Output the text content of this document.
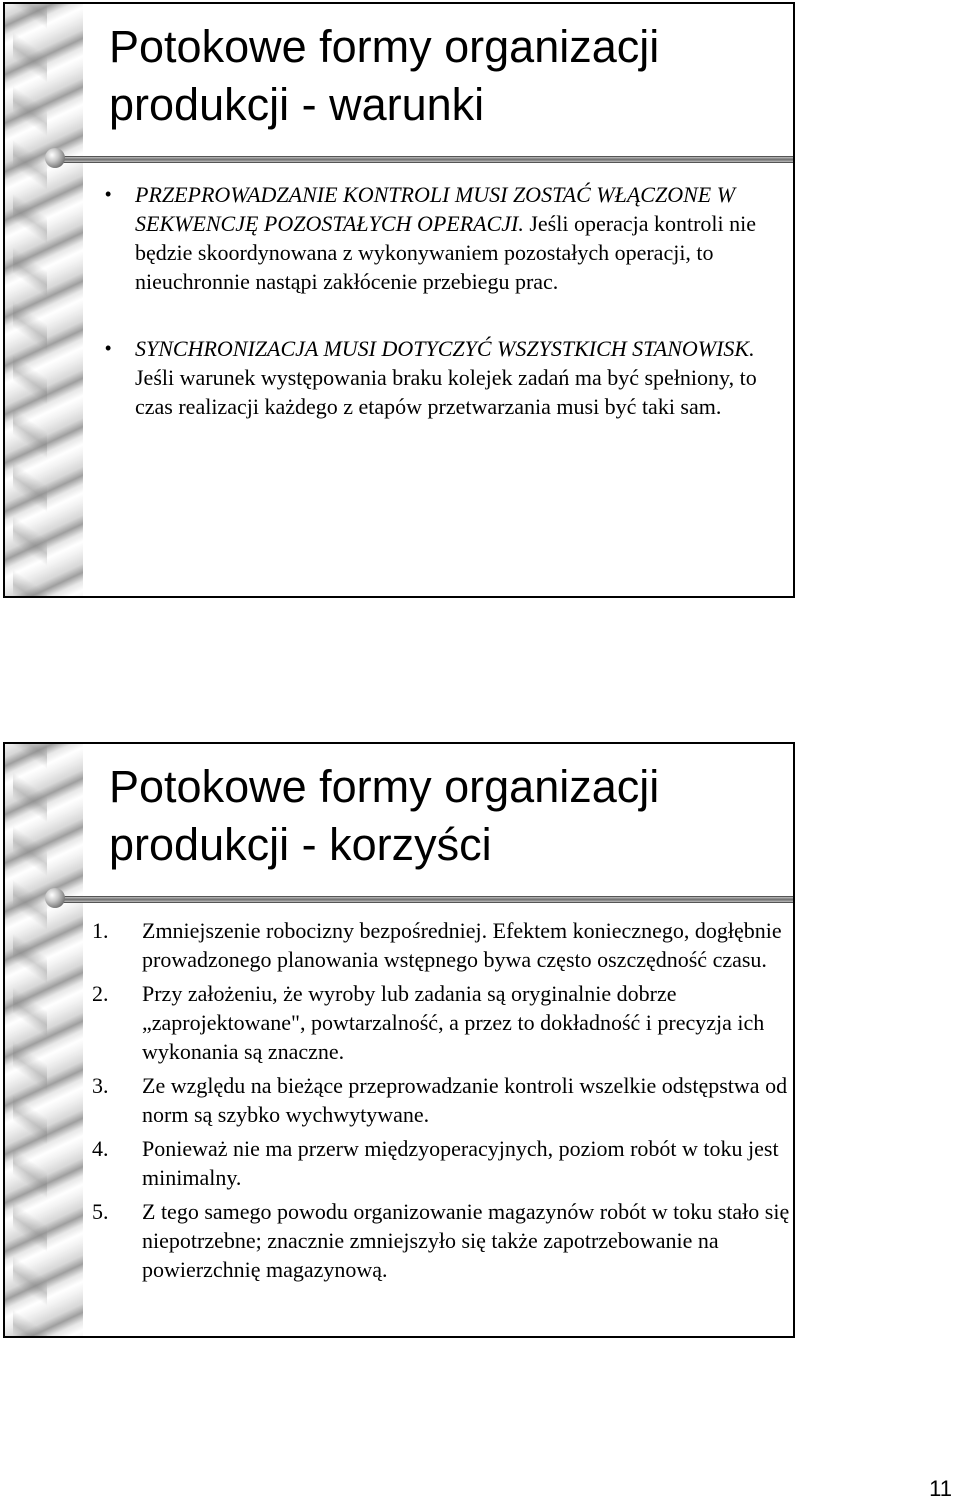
Potokowe formy organizacji
produkcji - warunki
• PRZEPROWADZANIE KONTROLI MUSI ZOSTAĆ WŁĄCZONE W SEKWENCJĘ POZOSTAŁYCH OPERACJI. Jeśli operacja kontroli nie będzie skoordynowana z wykonywaniem pozostałych operacji, to nieuchronnie nastąpi zakłócenie przebiegu prac.
• SYNCHRONIZACJA MUSI DOTYCZYĆ WSZYSTKICH STANOWISK. Jeśli warunek występowania braku kolejek zadań ma być spełniony, to czas realizacji każdego z etapów przetwarzania musi być taki sam.
Potokowe formy organizacji
produkcji - korzyści
1. Zmniejszenie robocizny bezpośredniej. Efektem koniecznego, dogłębnie prowadzonego planowania wstępnego bywa często oszczędność czasu.
2. Przy założeniu, że wyroby lub zadania są oryginalnie dobrze „zaprojektowane", powtarzalność, a przez to dokładność i precyzja ich wykonania są znaczne.
3. Ze względu na bieżące przeprowadzanie kontroli wszelkie odstępstwa od norm są szybko wychwytywane.
4. Ponieważ nie ma przerw międzyoperacyjnych, poziom robót w toku jest minimalny.
5. Z tego samego powodu organizowanie magazynów robót w toku stało się niepotrzebne; znacznie zmniejszyło się także zapotrzebowanie na powierzchnię magazynową.
11
